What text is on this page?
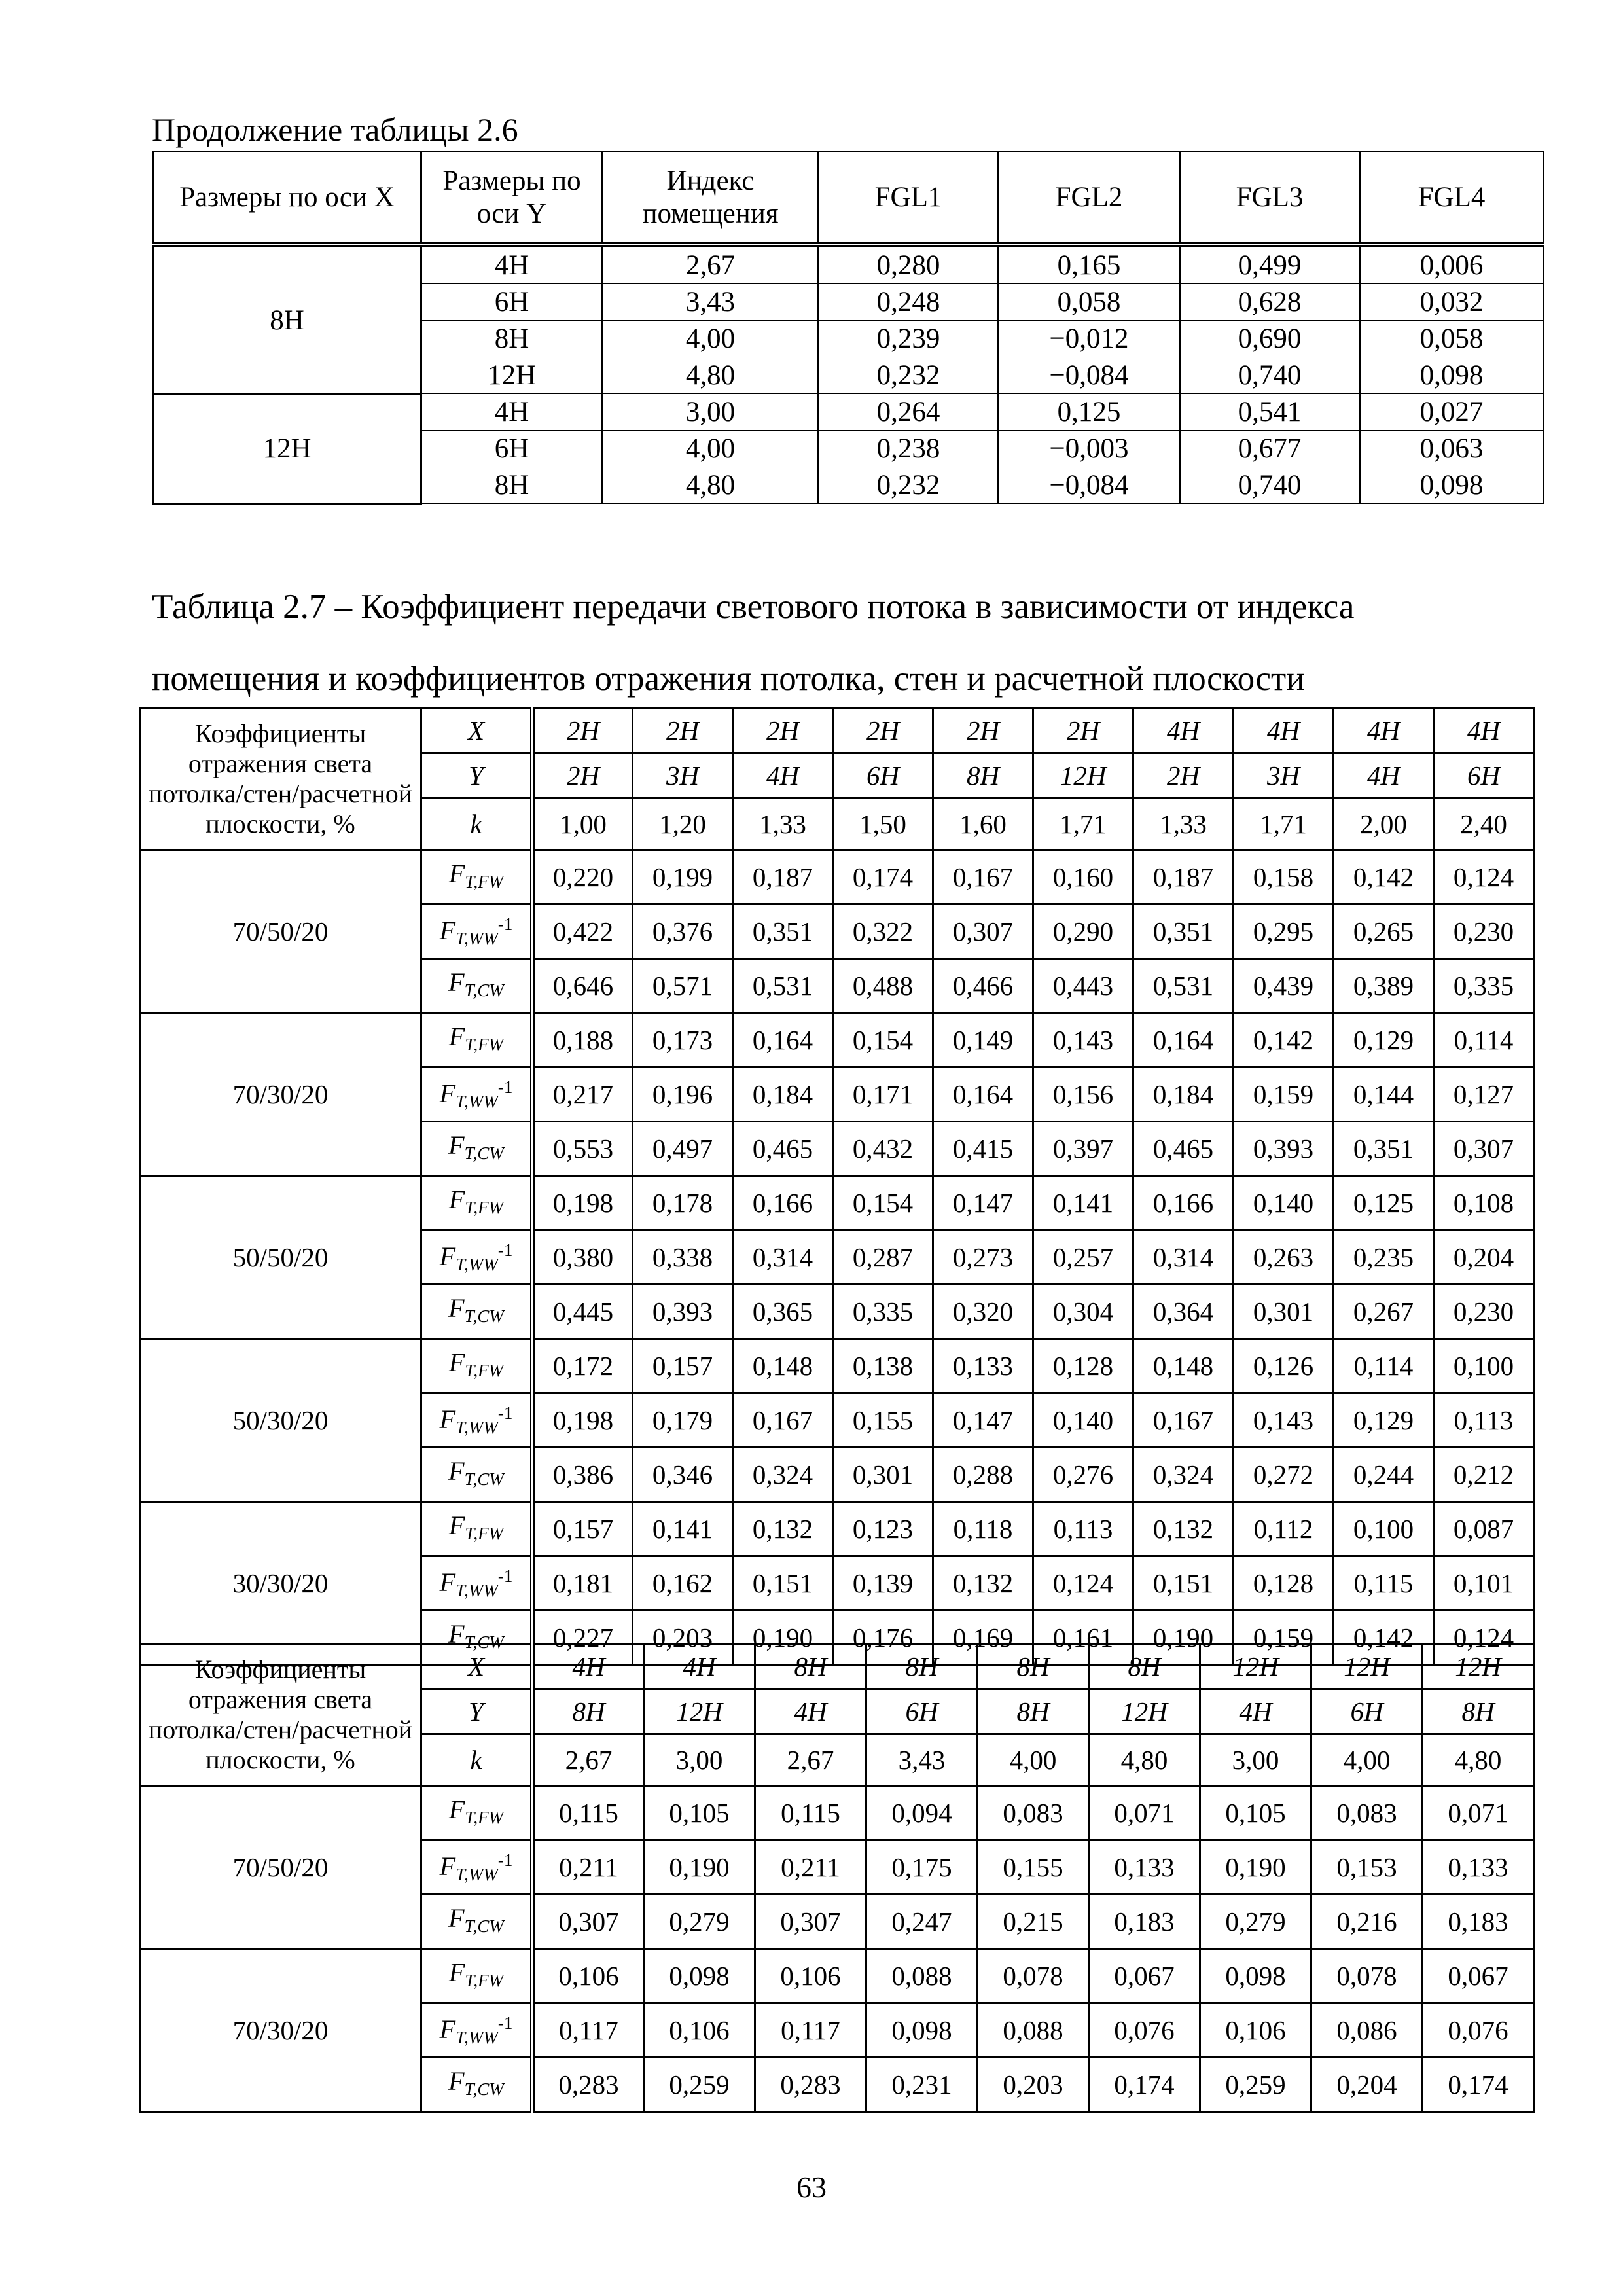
Продолжение таблицы 2.6
Размеры по оси X	Размеры по оси Y	Индекс помещения	FGL1	FGL2	FGL3	FGL4
8H	4H	2,67	0,280	0,165	0,499	0,006
	6H	3,43	0,248	0,058	0,628	0,032
	8H	4,00	0,239	−0,012	0,690	0,058
	12H	4,80	0,232	−0,084	0,740	0,098
12H	4H	3,00	0,264	0,125	0,541	0,027
	6H	4,00	0,238	−0,003	0,677	0,063
	8H	4,80	0,232	−0,084	0,740	0,098
Таблица 2.7 – Коэффициент передачи светового потока в зависимости от индекса помещения и коэффициентов отражения потолка, стен и расчетной плоскости
Коэффициенты отражения света потолка/стен/расчетной плоскости, %	X	2H	2H	2H	2H	2H	2H	4H	4H	4H	4H
	Y	2H	3H	4H	6H	8H	12H	2H	3H	4H	6H
	k	1,00	1,20	1,33	1,50	1,60	1,71	1,33	1,71	2,00	2,40
70/50/20	$F_{T,FW}$	0,220	0,199	0,187	0,174	0,167	0,160	0,187	0,158	0,142	0,124
	$F_{T,WW}^{-1}$	0,422	0,376	0,351	0,322	0,307	0,290	0,351	0,295	0,265	0,230
	$F_{T,CW}$	0,646	0,571	0,531	0,488	0,466	0,443	0,531	0,439	0,389	0,335
70/30/20	$F_{T,FW}$	0,188	0,173	0,164	0,154	0,149	0,143	0,164	0,142	0,129	0,114
	$F_{T,WW}^{-1}$	0,217	0,196	0,184	0,171	0,164	0,156	0,184	0,159	0,144	0,127
	$F_{T,CW}$	0,553	0,497	0,465	0,432	0,415	0,397	0,465	0,393	0,351	0,307
50/50/20	$F_{T,FW}$	0,198	0,178	0,166	0,154	0,147	0,141	0,166	0,140	0,125	0,108
	$F_{T,WW}^{-1}$	0,380	0,338	0,314	0,287	0,273	0,257	0,314	0,263	0,235	0,204
	$F_{T,CW}$	0,445	0,393	0,365	0,335	0,320	0,304	0,364	0,301	0,267	0,230
50/30/20	$F_{T,FW}$	0,172	0,157	0,148	0,138	0,133	0,128	0,148	0,126	0,114	0,100
	$F_{T,WW}^{-1}$	0,198	0,179	0,167	0,155	0,147	0,140	0,167	0,143	0,129	0,113
	$F_{T,CW}$	0,386	0,346	0,324	0,301	0,288	0,276	0,324	0,272	0,244	0,212
30/30/20	$F_{T,FW}$	0,157	0,141	0,132	0,123	0,118	0,113	0,132	0,112	0,100	0,087
	$F_{T,WW}^{-1}$	0,181	0,162	0,151	0,139	0,132	0,124	0,151	0,128	0,115	0,101
	$F_{T,CW}$	0,227	0,203	0,190	0,176	0,169	0,161	0,190	0,159	0,142	0,124
Коэффициенты отражения света потолка/стен/расчетной плоскости, %	X	4H	4H	8H	8H	8H	8H	12H	12H	12H
	Y	8H	12H	4H	6H	8H	12H	4H	6H	8H
	k	2,67	3,00	2,67	3,43	4,00	4,80	3,00	4,00	4,80
70/50/20	$F_{T,FW}$	0,115	0,105	0,115	0,094	0,083	0,071	0,105	0,083	0,071
	$F_{T,WW}^{-1}$	0,211	0,190	0,211	0,175	0,155	0,133	0,190	0,153	0,133
	$F_{T,CW}$	0,307	0,279	0,307	0,247	0,215	0,183	0,279	0,216	0,183
70/30/20	$F_{T,FW}$	0,106	0,098	0,106	0,088	0,078	0,067	0,098	0,078	0,067
	$F_{T,WW}^{-1}$	0,117	0,106	0,117	0,098	0,088	0,076	0,106	0,086	0,076
	$F_{T,CW}$	0,283	0,259	0,283	0,231	0,203	0,174	0,259	0,204	0,174
63
